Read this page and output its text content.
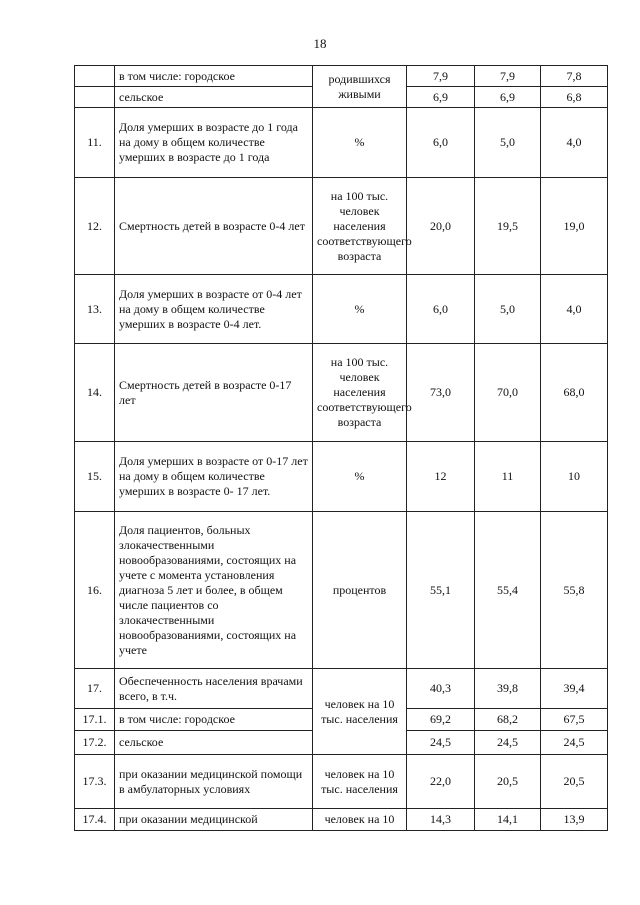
18
	в том числе: городское	родившихся живыми	7,9	7,9	7,8
	сельское		6,9	6,9	6,8
11.	Доля умерших в возрасте до 1 года на дому в общем количестве умерших в возрасте до 1 года	%	6,0	5,0	4,0
12.	Смертность детей в возрасте 0-4 лет	на 100 тыс. человек населения соответствующего возраста	20,0	19,5	19,0
13.	Доля умерших в возрасте от 0-4 лет на дому в общем количестве умерших в возрасте 0-4 лет.	%	6,0	5,0	4,0
14.	Смертность детей в возрасте 0-17 лет	на 100 тыс. человек населения соответствующего возраста	73,0	70,0	68,0
15.	Доля умерших в возрасте от 0-17 лет на дому в общем количестве умерших в возрасте 0- 17 лет.	%	12	11	10
16.	Доля пациентов, больных злокачественными новообразованиями, состоящих на учете с момента установления диагноза 5 лет и более, в общем числе пациентов со злокачественными новообразованиями, состоящих на учете	процентов	55,1	55,4	55,8
17.	Обеспеченность населения врачами всего, в т.ч.	человек на 10 тыс. населения	40,3	39,8	39,4
17.1.	в том числе: городское		69,2	68,2	67,5
17.2.	сельское		24,5	24,5	24,5
17.3.	при оказании медицинской помощи в амбулаторных условиях	человек на 10 тыс. населения	22,0	20,5	20,5
17.4.	при оказании медицинской	человек на 10	14,3	14,1	13,9
